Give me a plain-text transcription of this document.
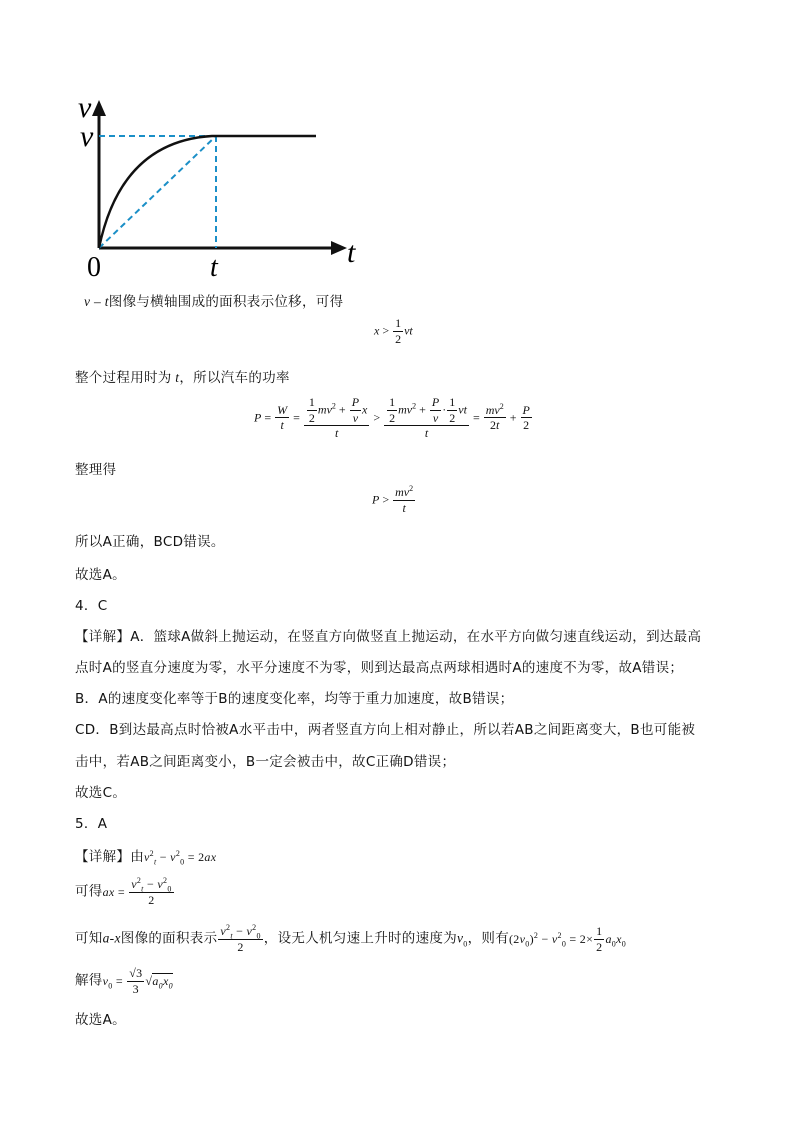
v
v
0	t	t
v – t图像与横轴围成的面积表示位移，可得
$x > \frac{1}{2}$ vt
整个过程用时为 t，所以汽车的功率
$P = \frac{W}{t} = \frac{\frac{1}{2} mv^2 + \frac{P}{v} x}{t} > \frac{\frac{1}{2} mv^2 + \frac{P}{v} \cdot \frac{1}{2} vt}{t} = \frac{mv^2}{2t} + \frac{P}{2}$
整理得
$P > \frac{mv^2}{t}$
所以A正确，BCD错误。
故选A。
4．C
【详解】A．篮球A做斜上抛运动，在竖直方向做竖直上抛运动，在水平方向做匀速直线运动，到达最高
点时A的竖直分速度为零，水平分速度不为零，则到达最高点两球相遇时A的速度不为零，故A错误；
B．A的速度变化率等于B的速度变化率，均等于重力加速度，故B错误；
CD．B到达最高点时恰被A水平击中，两者竖直方向上相对静止，所以若AB之间距离变大，B也可能被
击中，若AB之间距离变小，B一定会被击中，故C正确D错误；
故选C。
5．A
【详解】由$v^2_t - v^2_0 = 2ax$
可得ax = $\frac{v^2_t - v^2_0}{2}$
可知a-x图像的面积表示 $\frac{v^2_t - v^2_0}{2}$ ，设无人机匀速上升时的速度为$v_0$，则有$(2v_0)^2 - v^2_0 = 2\times \frac{1}{2} a_0x_0$
解得$v_0 = \frac{√3}{3} √a_0x_0$
故选A。
